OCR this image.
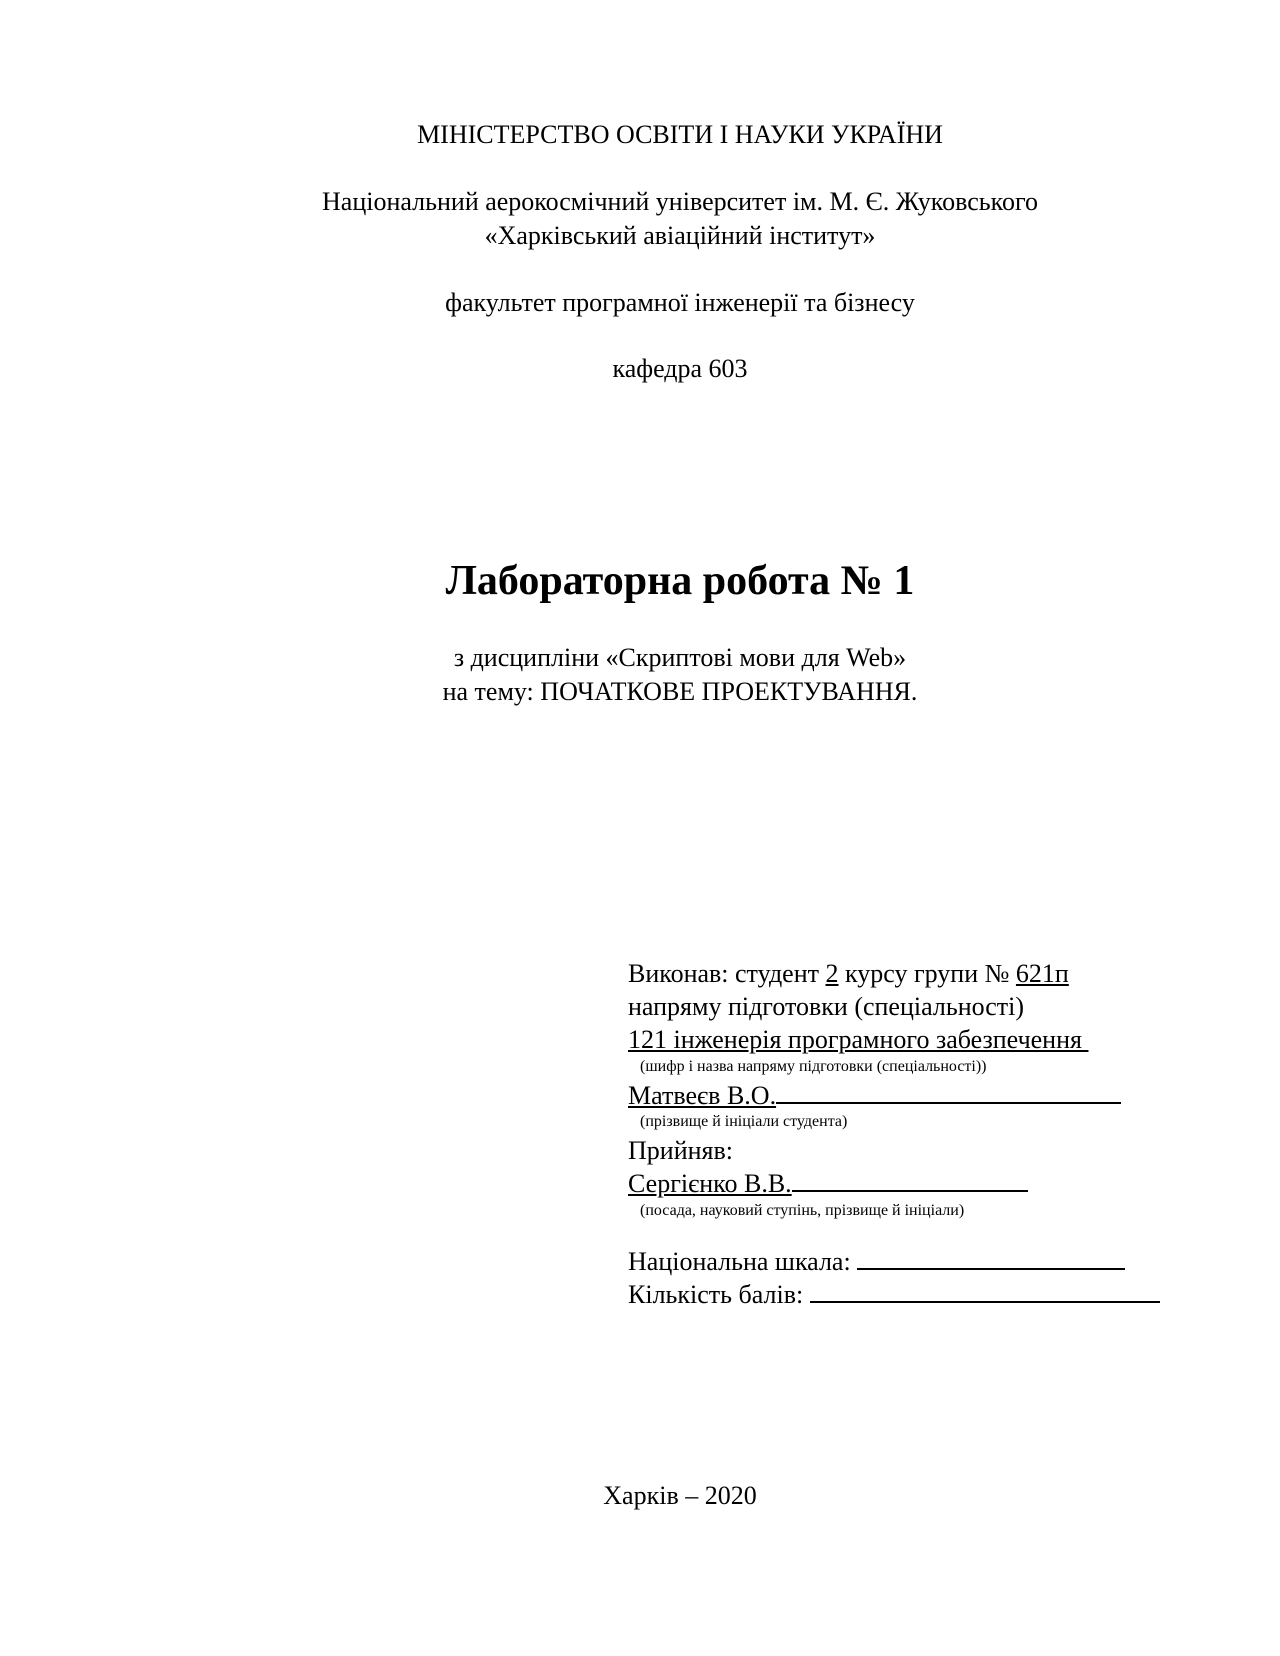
МІНІСТЕРСТВО ОСВІТИ І НАУКИ УКРАЇНИ
Національний аерокосмічний університет ім. М. Є. Жуковського
«Харківський авіаційний інститут»
факультет програмної інженерії та бізнесу
кафедра 603
Лабораторна робота № 1
з дисципліни «Скриптові мови для Web»
на тему: ПОЧАТКОВЕ ПРОЕКТУВАННЯ.
Виконав: студент 2 курсу групи № 621п
напряму підготовки (спеціальності)
121 інженерія програмного забезпечення
(шифр і назва напряму підготовки (спеціальності))
Матвеєв В.О.
(прізвище й ініціали студента)
Прийняв:
Сергієнко В.В.
(посада, науковий ступінь, прізвище й ініціали)
Національна шкала:
Кількість балів:
Харків – 2020
